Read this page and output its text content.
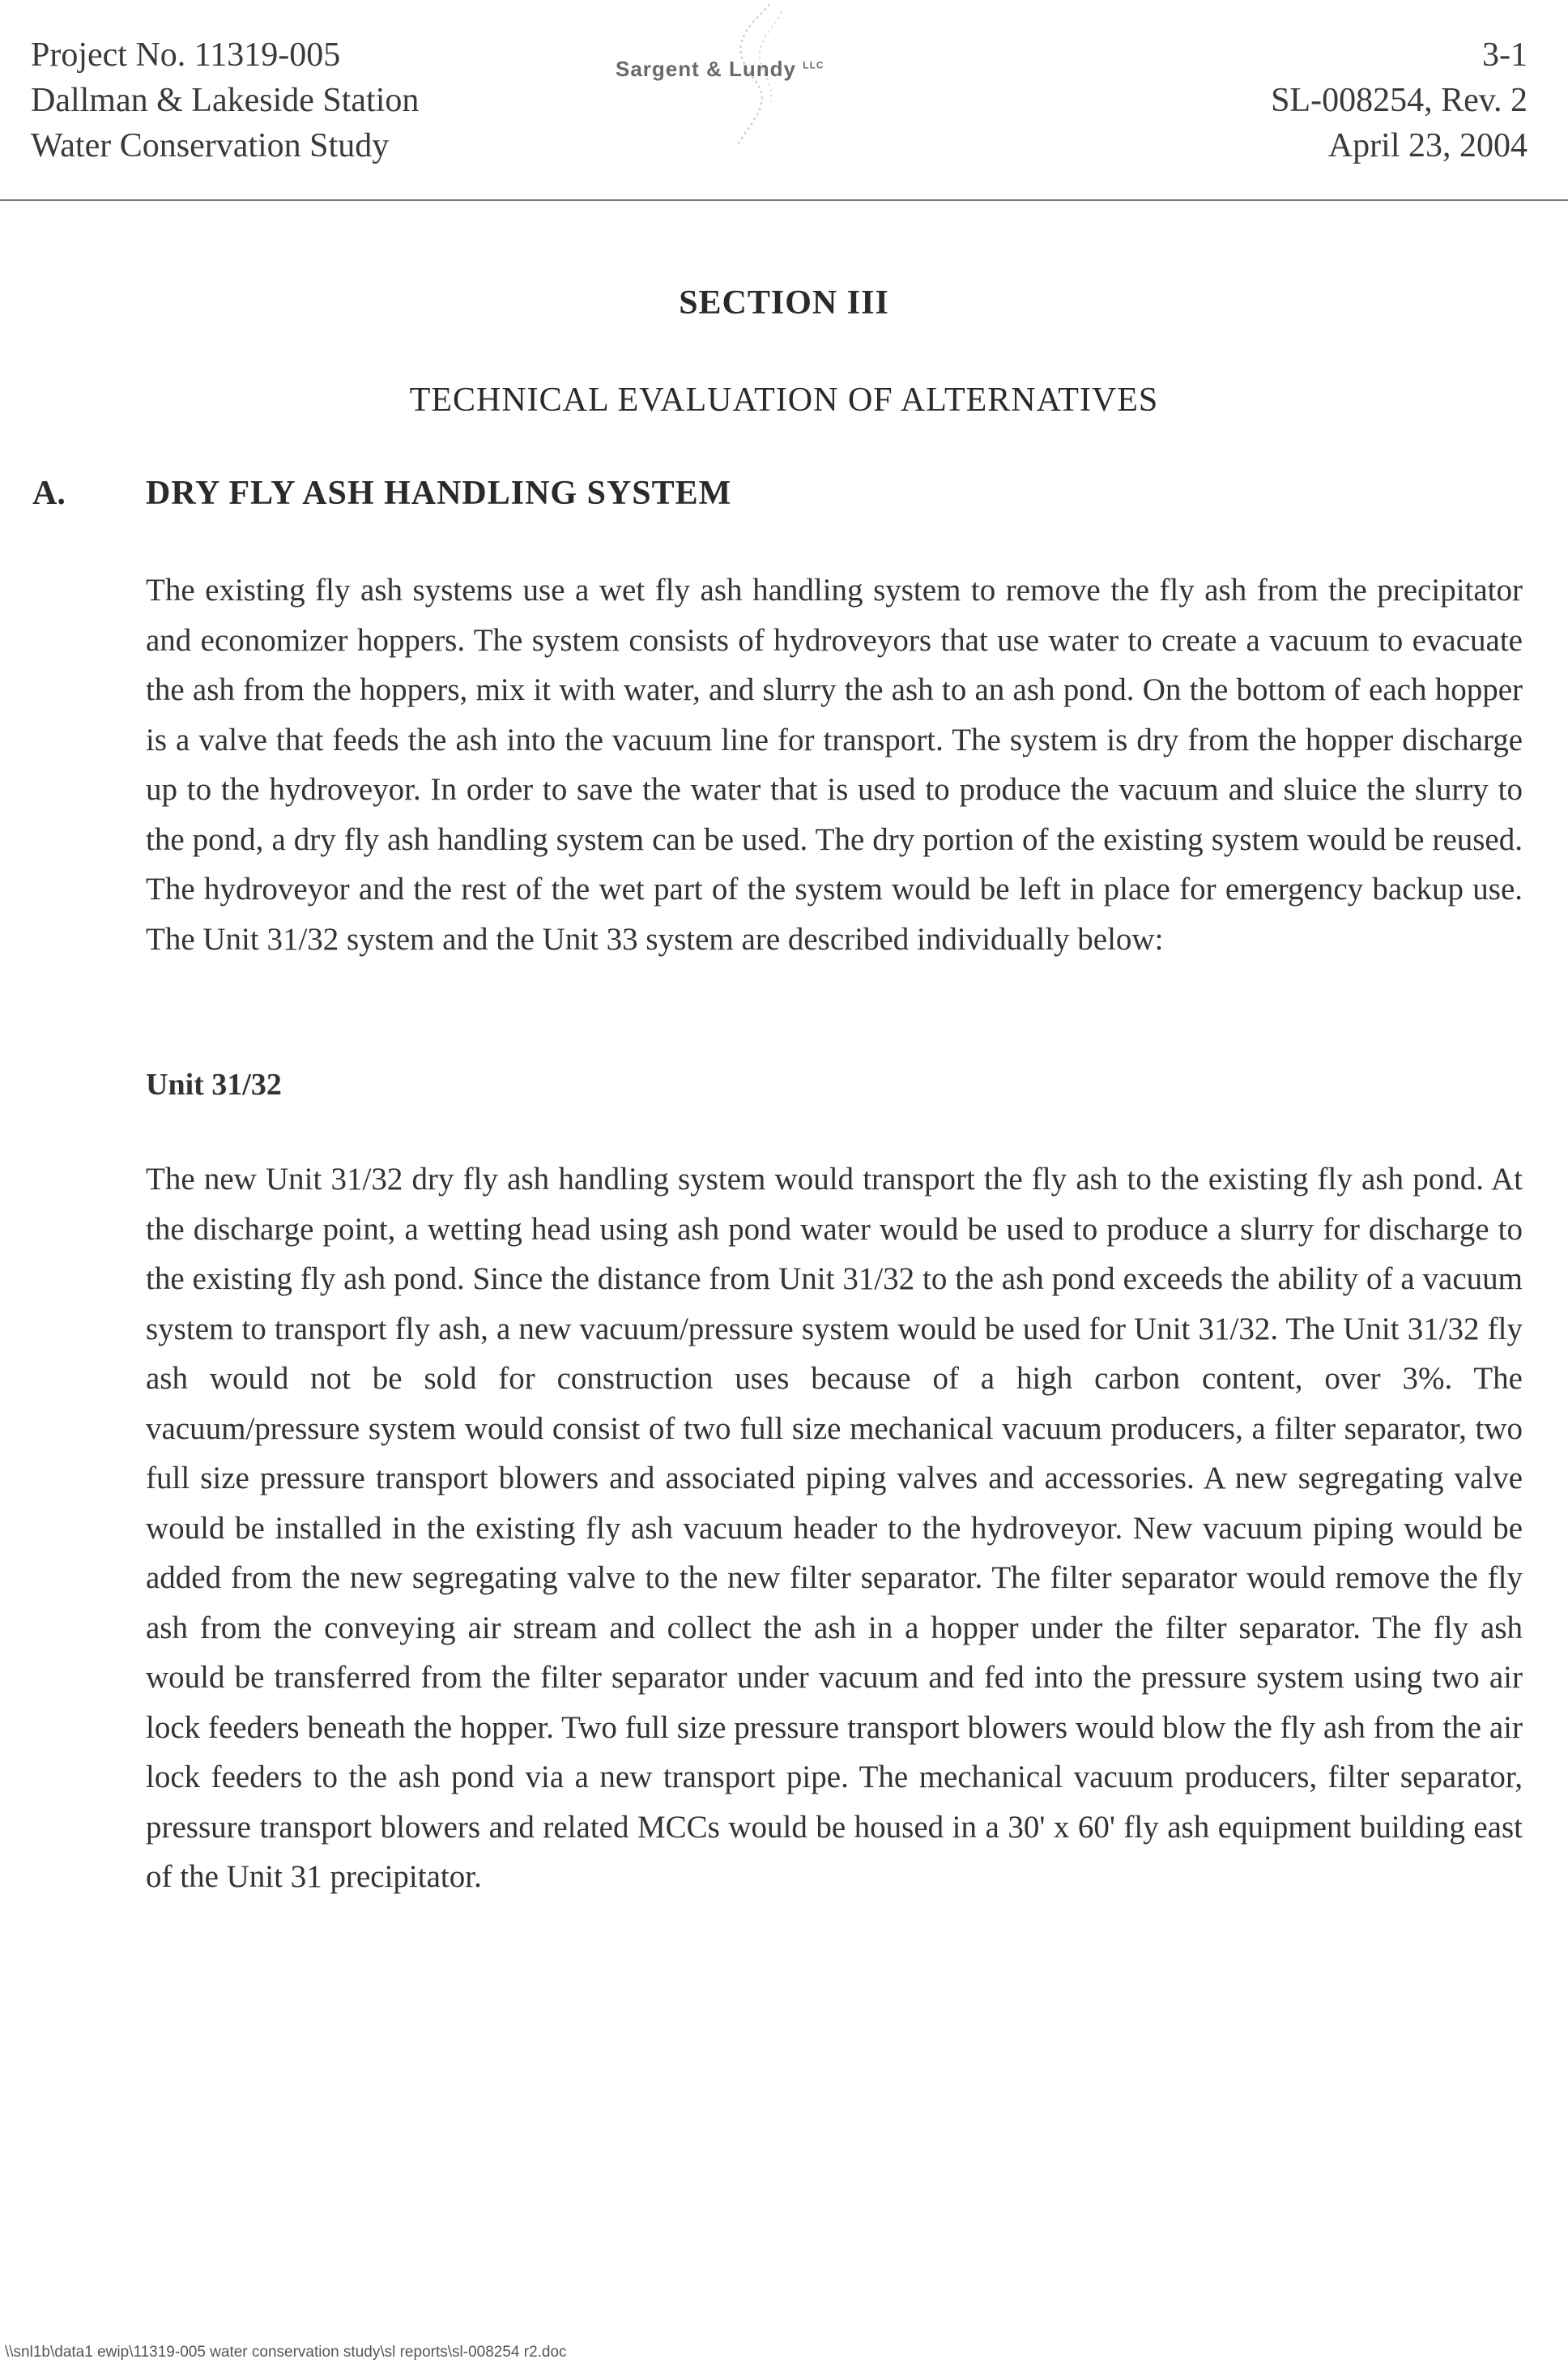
Project No. 11319-005
Dallman & Lakeside Station
Water Conservation Study
Sargent & Lundy $^{LLC}$	3-1
SL-008254, Rev. 2
April 23, 2004
SECTION III
TECHNICAL EVALUATION OF ALTERNATIVES
A. DRY FLY ASH HANDLING SYSTEM

The existing fly ash systems use a wet fly ash handling system to remove the fly ash from the precipitator and economizer hoppers. The system consists of hydroveyors that use water to create a vacuum to evacuate the ash from the hoppers, mix it with water, and slurry the ash to an ash pond. On the bottom of each hopper is a valve that feeds the ash into the vacuum line for transport. The system is dry from the hopper discharge up to the hydroveyor. In order to save the water that is used to produce the vacuum and sluice the slurry to the pond, a dry fly ash handling system can be used. The dry portion of the existing system would be reused. The hydroveyor and the rest of the wet part of the system would be left in place for emergency backup use. The Unit 31/32 system and the Unit 33 system are described individually below:

Unit 31/32

The new Unit 31/32 dry fly ash handling system would transport the fly ash to the existing fly ash pond. At the discharge point, a wetting head using ash pond water would be used to produce a slurry for discharge to the existing fly ash pond. Since the distance from Unit 31/32 to the ash pond exceeds the ability of a vacuum system to transport fly ash, a new vacuum/pressure system would be used for Unit 31/32. The Unit 31/32 fly ash would not be sold for construction uses because of a high carbon content, over 3%. The vacuum/pressure system would consist of two full size mechanical vacuum producers, a filter separator, two full size pressure transport blowers and associated piping valves and accessories. A new segregating valve would be installed in the existing fly ash vacuum header to the hydroveyor. New vacuum piping would be added from the new segregating valve to the new filter separator. The filter separator would remove the fly ash from the conveying air stream and collect the ash in a hopper under the filter separator. The fly ash would be transferred from the filter separator under vacuum and fed into the pressure system using two air lock feeders beneath the hopper. Two full size pressure transport blowers would blow the fly ash from the air lock feeders to the ash pond via a new transport pipe. The mechanical vacuum producers, filter separator, pressure transport blowers and related MCCs would be housed in a 30' x 60' fly ash equipment building east of the Unit 31 precipitator.

\\snl1b\data1 ewip\11319-005 water conservation study\sl reports\sl-008254 r2.doc
